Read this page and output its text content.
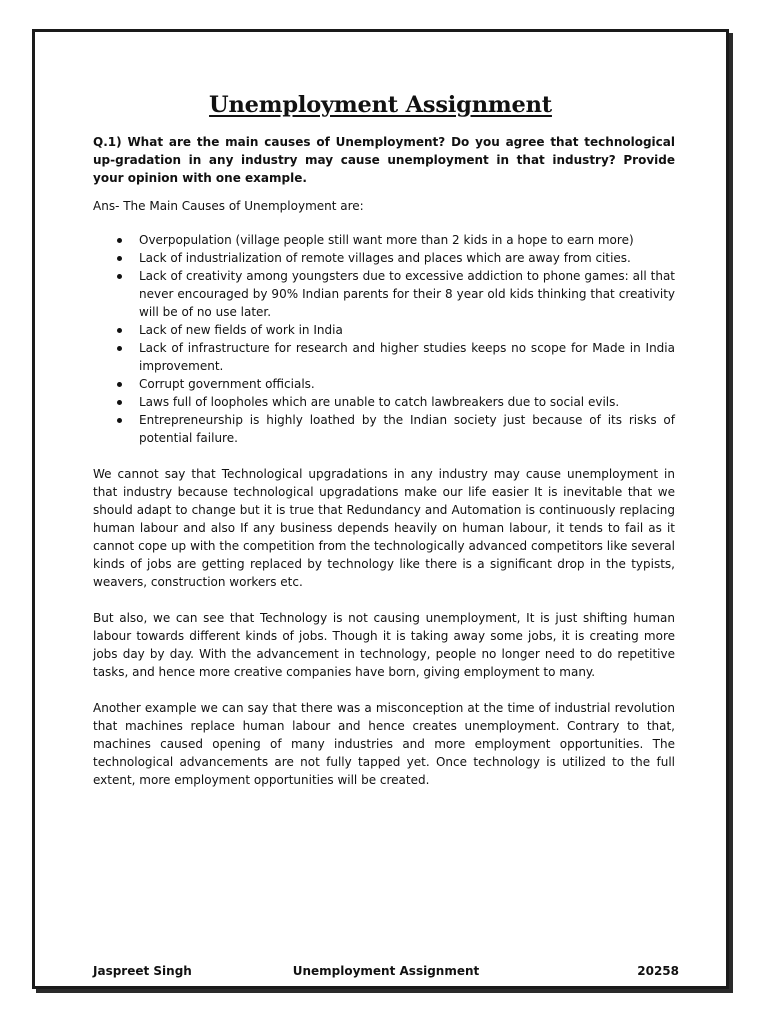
Unemployment Assignment

Q.1) What are the main causes of Unemployment? Do you agree that technological up-gradation in any industry may cause unemployment in that industry? Provide your opinion with one example.

Ans- The Main Causes of Unemployment are:

Overpopulation (village people still want more than 2 kids in a hope to earn more)
Lack of industrialization of remote villages and places which are away from cities.
Lack of creativity among youngsters due to excessive addiction to phone games: all that never encouraged by 90% Indian parents for their 8 year old kids thinking that creativity will be of no use later.
Lack of new fields of work in India
Lack of infrastructure for research and higher studies keeps no scope for Made in India improvement.
Corrupt government officials.
Laws full of loopholes which are unable to catch lawbreakers due to social evils.
Entrepreneurship is highly loathed by the Indian society just because of its risks of potential failure.

We cannot say that Technological upgradations in any industry may cause unemployment in that industry because technological upgradations make our life easier It is inevitable that we should adapt to change but it is true that Redundancy and Automation is continuously replacing human labour and also If any business depends heavily on human labour, it tends to fail as it cannot cope up with the competition from the technologically advanced competitors like several kinds of jobs are getting replaced by technology like there is a significant drop in the typists, weavers, construction workers etc.

But also, we can see that Technology is not causing unemployment, It is just shifting human labour towards different kinds of jobs. Though it is taking away some jobs, it is creating more jobs day by day. With the advancement in technology, people no longer need to do repetitive tasks, and hence more creative companies have born, giving employment to many.

Another example we can say that there was a misconception at the time of industrial revolution that machines replace human labour and hence creates unemployment. Contrary to that, machines caused opening of many industries and more employment opportunities. The technological advancements are not fully tapped yet. Once technology is utilized to the full extent, more employment opportunities will be created.

Jaspreet Singh	Unemployment Assignment	20258
